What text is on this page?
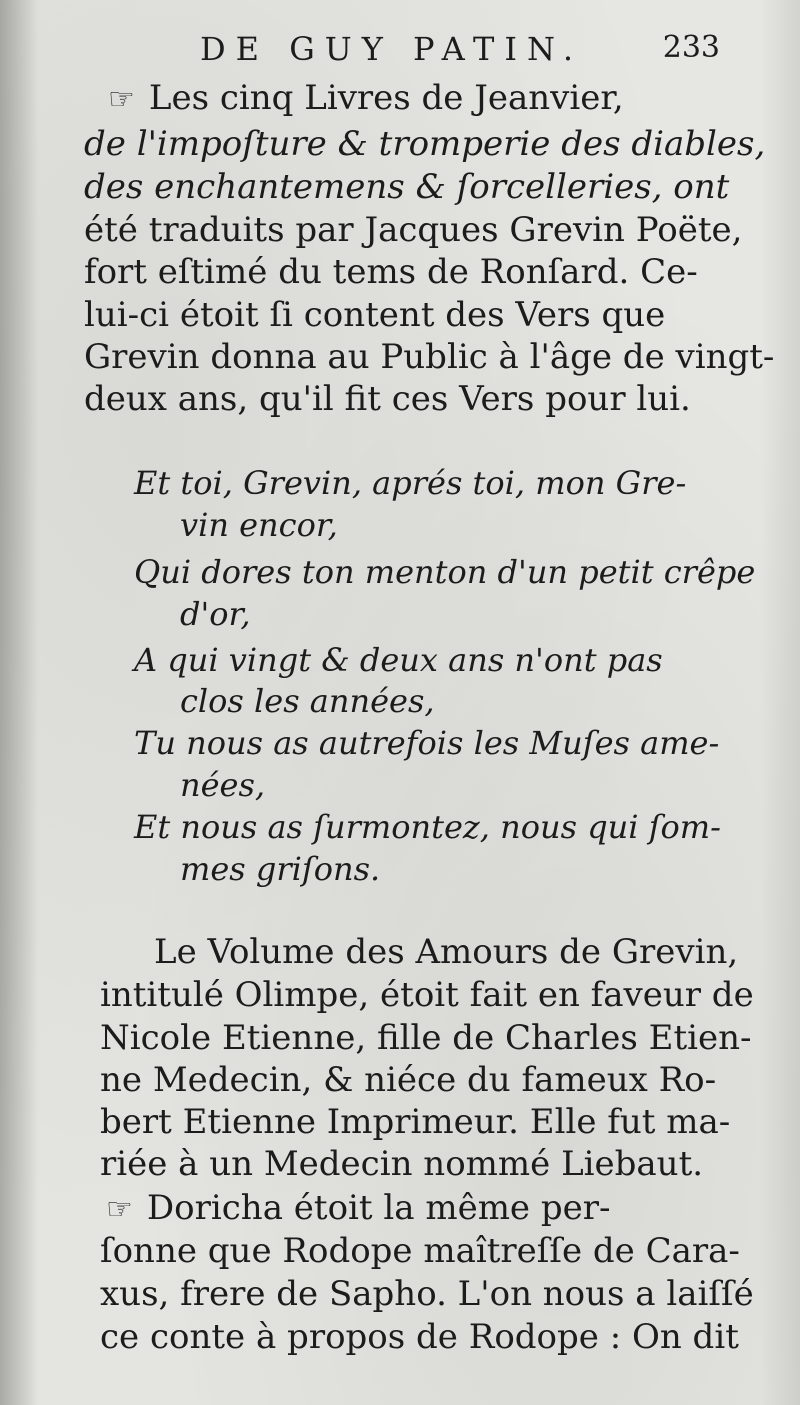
DE GUY PATIN.	233
☞ Les cinq Livres de Jeanvier,
de l'impoſture & tromperie des diables,
des enchantemens & ſorcelleries, ont
été traduits par Jacques Grevin Poëte,
fort eſtimé du tems de Ronſard. Ce-
lui-ci étoit ſi content des Vers que
Grevin donna au Public à l'âge de vingt-
deux ans, qu'il fit ces Vers pour lui.
Et toi, Grevin, aprés toi, mon Gre-
vin encor,
Qui dores ton menton d'un petit crêpe
d'or,
A qui vingt & deux ans n'ont pas
clos les années,
Tu nous as autrefois les Muſes ame-
nées,
Et nous as ſurmontez, nous qui ſom-
mes griſons.
Le Volume des Amours de Grevin,
intitulé Olimpe, étoit fait en faveur de
Nicole Etienne, fille de Charles Etien-
ne Medecin, & niéce du fameux Ro-
bert Etienne Imprimeur. Elle fut ma-
riée à un Medecin nommé Liebaut.
☞ Doricha étoit la même per-
ſonne que Rodope maîtreſſe de Cara-
xus, frere de Sapho. L'on nous a laiſſé
ce conte à propos de Rodope : On dit
